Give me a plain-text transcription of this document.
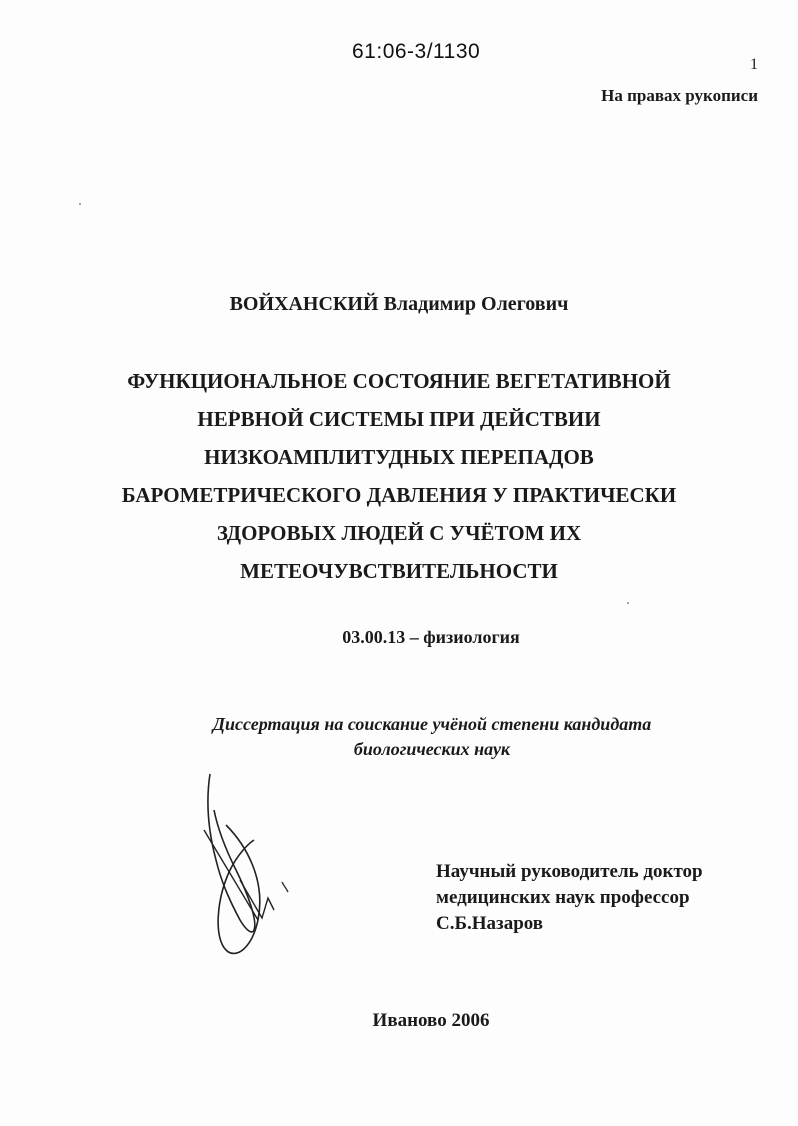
61:06-3/1130
1
На правах рукописи
ВОЙХАНСКИЙ Владимир Олегович
ФУНКЦИОНАЛЬНОЕ СОСТОЯНИЕ ВЕГЕТАТИВНОЙ
НЕРВНОЙ СИСТЕМЫ ПРИ ДЕЙСТВИИ
НИЗКОАМПЛИТУДНЫХ ПЕРЕПАДОВ
БАРОМЕТРИЧЕСКОГО ДАВЛЕНИЯ У ПРАКТИЧЕСКИ
ЗДОРОВЫХ ЛЮДЕЙ С УЧЁТОМ ИХ
МЕТЕОЧУВСТВИТЕЛЬНОСТИ
03.00.13 – физиология
Диссертация на соискание учёной степени кандидата
биологических наук
Научный руководитель доктор
медицинских наук профессор
С.Б.Назаров
Иваново 2006
